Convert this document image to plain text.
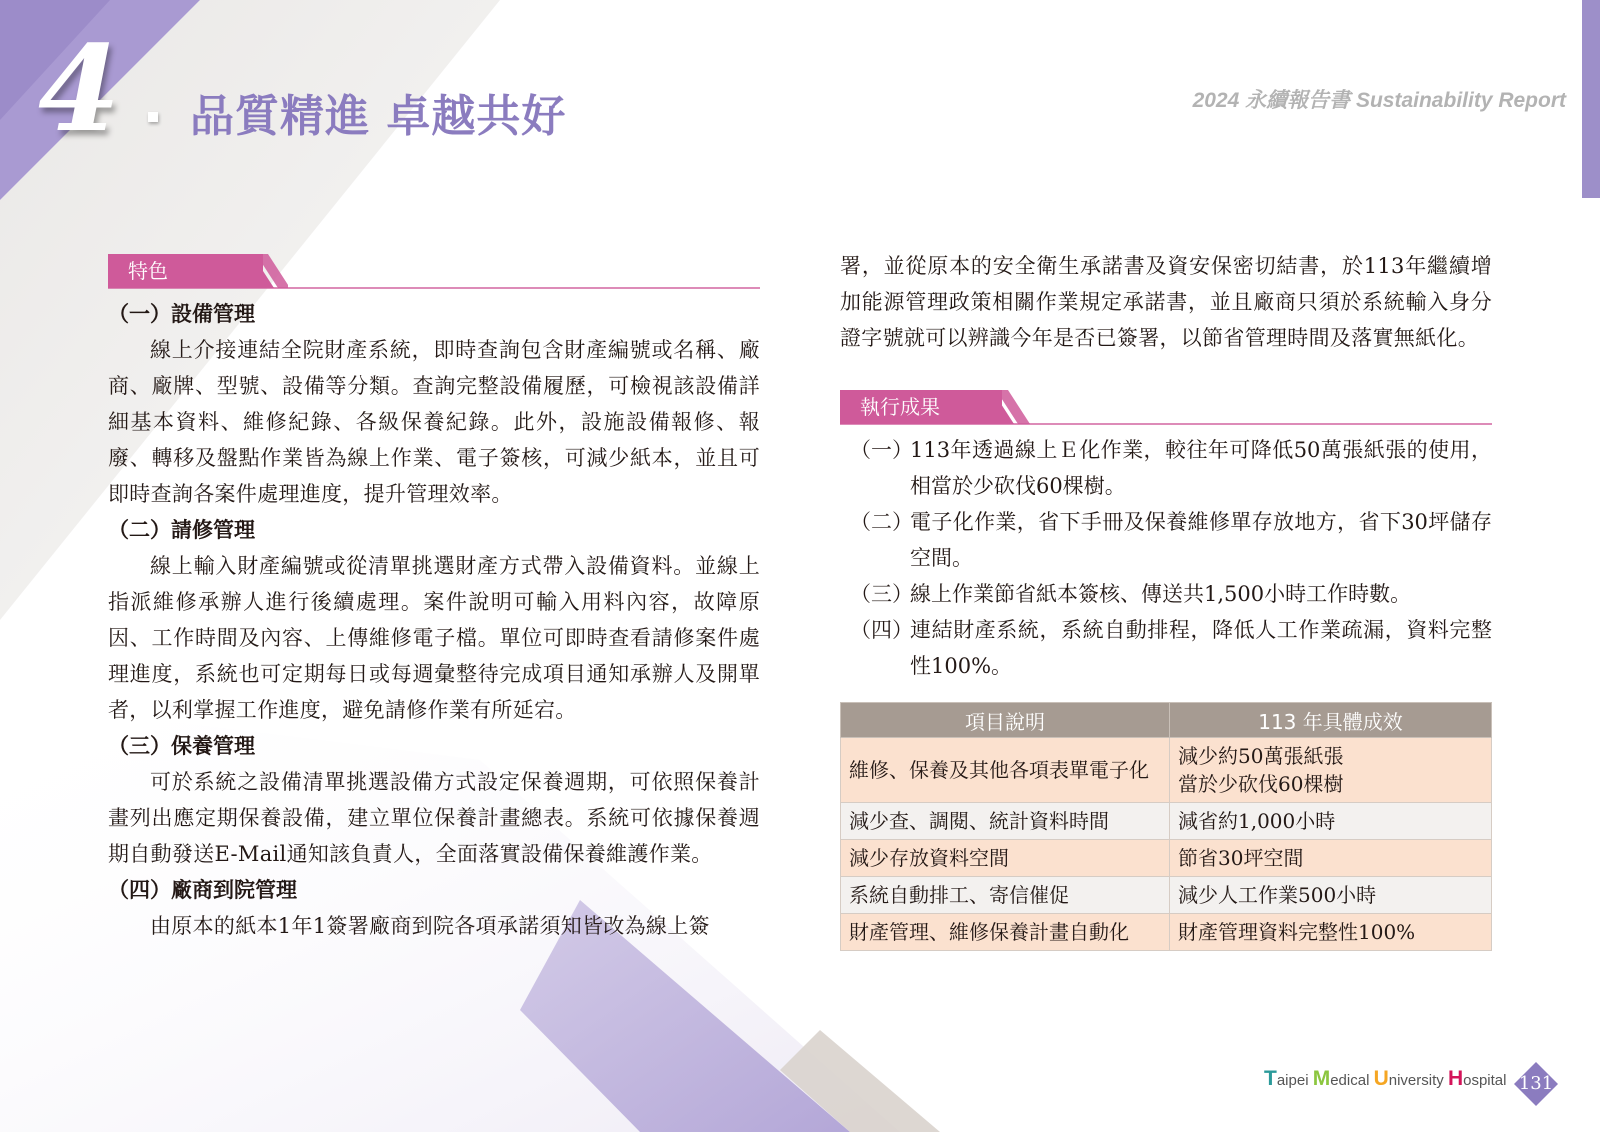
4 品質精進 卓越共好	2024 永續報告書 Sustainability Report
特色

（一）設備管理

線上介接連結全院財產系統，即時查詢包含財產編號或名稱、廠商、廠牌、型號、設備等分類。查詢完整設備履歷，可檢視該設備詳細基本資料、維修紀錄、各級保養紀錄。此外，設施設備報修、報廢、轉移及盤點作業皆為線上作業、電子簽核，可減少紙本，並且可即時查詢各案件處理進度，提升管理效率。

（二）請修管理

線上輸入財產編號或從清單挑選財產方式帶入設備資料。並線上指派維修承辦人進行後續處理。案件說明可輸入用料內容，故障原因、工作時間及內容、上傳維修電子檔。單位可即時查看請修案件處理進度，系統也可定期每日或每週彙整待完成項目通知承辦人及開單者，以利掌握工作進度，避免請修作業有所延宕。

（三）保養管理

可於系統之設備清單挑選設備方式設定保養週期，可依照保養計畫列出應定期保養設備，建立單位保養計畫總表。系統可依據保養週期自動發送E-Mail通知該負責人，全面落實設備保養維護作業。

（四）廠商到院管理

由原本的紙本1年1簽署廠商到院各項承諾須知皆改為線上簽

署，並從原本的安全衛生承諾書及資安保密切結書，於113年繼續增加能源管理政策相關作業規定承諾書，並且廠商只須於系統輸入身分證字號就可以辨識今年是否已簽署，以節省管理時間及落實無紙化。

執行成果
（一）
113年透過線上Ｅ化作業，較往年可降低50萬張紙張的使用，相當於少砍伐60棵樹。
（二）
電子化作業，省下手冊及保養維修單存放地方，省下30坪儲存空間。
（三）
線上作業節省紙本簽核、傳送共1,500小時工作時數。
（四）
連結財產系統，系統自動排程，降低人工作業疏漏，資料完整性100%。
項目說明	113 年具體成效
維修、保養及其他各項表單電子化	減少約50萬張紙張
當於少砍伐60棵樹

減少查、調閱、統計資料時間	減省約1,000小時
減少存放資料空間	節省30坪空間
系統自動排工、寄信催促	減少人工作業500小時
財產管理、維修保養計畫自動化	財產管理資料完整性100%
Taipei Medical University Hospital 131
